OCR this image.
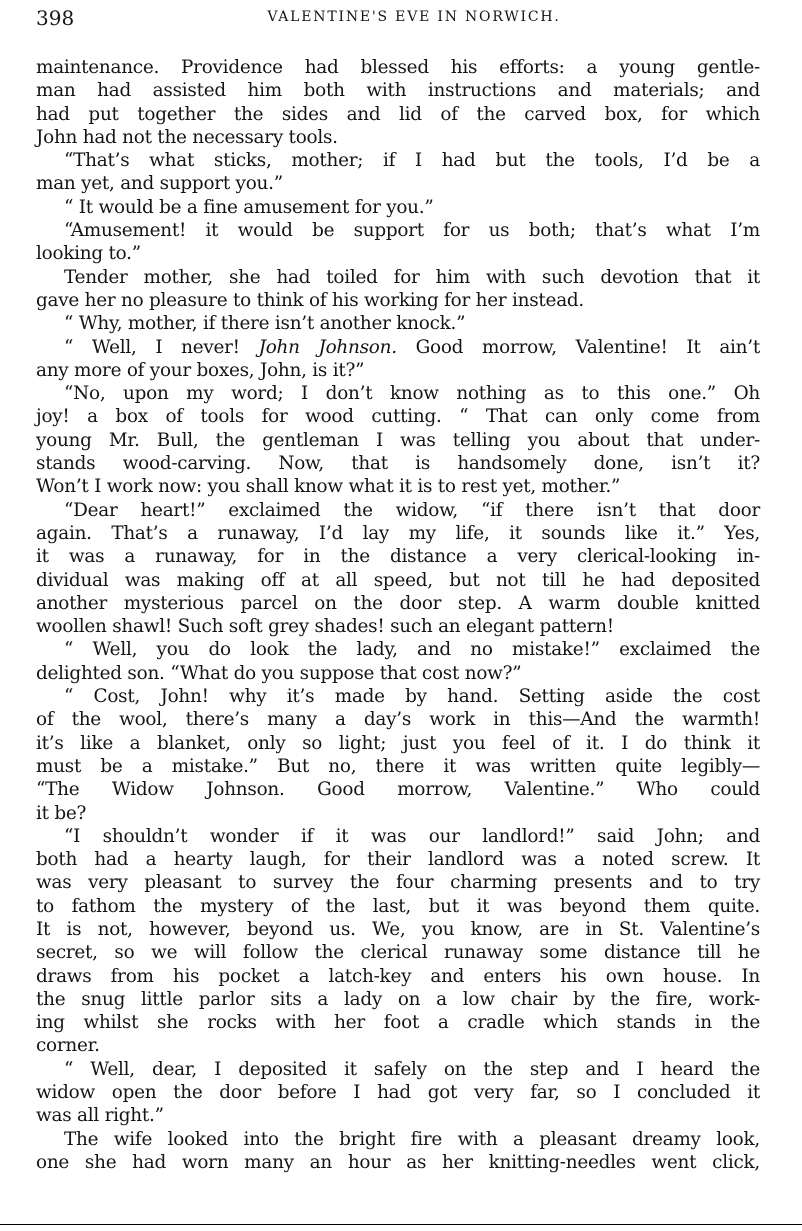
398	VALENTINE'S EVE IN NORWICH.
maintenance. Providence had blessed his efforts: a young gentle-
man had assisted him both with instructions and materials; and
had put together the sides and lid of the carved box, for which
John had not the necessary tools.
“That’s what sticks, mother; if I had but the tools, I’d be a
man yet, and support you.”
“ It would be a fine amusement for you.”
“Amusement! it would be support for us both; that’s what I’m
looking to.”
Tender mother, she had toiled for him with such devotion that it
gave her no pleasure to think of his working for her instead.
“ Why, mother, if there isn’t another knock.”
“ Well, I never! John Johnson. Good morrow, Valentine! It ain’t
any more of your boxes, John, is it?”
“No, upon my word; I don’t know nothing as to this one.” Oh
joy! a box of tools for wood cutting. “ That can only come from
young Mr. Bull, the gentleman I was telling you about that under-
stands wood-carving. Now, that is handsomely done, isn’t it?
Won’t I work now: you shall know what it is to rest yet, mother.”
“Dear heart!” exclaimed the widow, “if there isn’t that door
again. That’s a runaway, I’d lay my life, it sounds like it.” Yes,
it was a runaway, for in the distance a very clerical-looking in-
dividual was making off at all speed, but not till he had deposited
another mysterious parcel on the door step. A warm double knitted
woollen shawl! Such soft grey shades! such an elegant pattern!
“ Well, you do look the lady, and no mistake!” exclaimed the
delighted son. “What do you suppose that cost now?”
“ Cost, John! why it’s made by hand. Setting aside the cost
of the wool, there’s many a day’s work in this—And the warmth!
it’s like a blanket, only so light; just you feel of it. I do think it
must be a mistake.” But no, there it was written quite legibly—
“The Widow Johnson. Good morrow, Valentine.” Who could
it be?
“I shouldn’t wonder if it was our landlord!” said John; and
both had a hearty laugh, for their landlord was a noted screw. It
was very pleasant to survey the four charming presents and to try
to fathom the mystery of the last, but it was beyond them quite.
It is not, however, beyond us. We, you know, are in St. Valentine’s
secret, so we will follow the clerical runaway some distance till he
draws from his pocket a latch-key and enters his own house. In
the snug little parlor sits a lady on a low chair by the fire, work-
ing whilst she rocks with her foot a cradle which stands in the
corner.
“ Well, dear, I deposited it safely on the step and I heard the
widow open the door before I had got very far, so I concluded it
was all right.”
The wife looked into the bright fire with a pleasant dreamy look,
one she had worn many an hour as her knitting-needles went click,
